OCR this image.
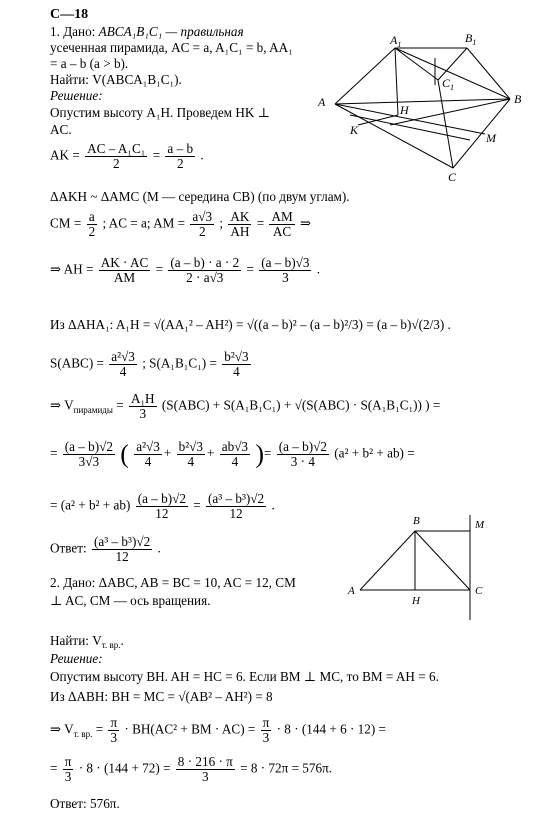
С—18
1. Дано: ABCA₁B₁C₁ — правильная
усеченная пирамида, AC = a, A₁C₁ = b, AA₁
= a – b (a > b).
Найти: V(ABCA₁B₁C₁).
Решение:
Опустим высоту A₁H. Проведем HK ⊥
AC.
AK = $\frac{\text{AC – A₁C₁}}{2} = \frac{a - b}{2}$ .
ΔAKH ~ ΔAMC (M — середина CB) (по двум углам).
CM = $\frac{a}{2}$ ; AC = a; AM = $\frac{a√3}{2}$ ; $\frac{AK}{AH} = \frac{AM}{AC}$ ⇒
⇒ AH = $\frac{AK \cdot AC}{AM} = \frac{(a - b) \cdot a \cdot 2}{2 \cdot a√3} = \frac{(a - b)√3}{3}$ .
Из ΔAHA₁: A₁H = √(AA₁² – AH²) = √((a – b)² – (a – b)²/3) = (a – b)√(2/3) .
$S(ABC) = \frac{\text{a²√3}}{4}$ ; $S(A_1B_1C_1) = \frac{\text{b²√3}}{4}$
⇒ $V_{пирамиды} = \frac{\text{A₁H}}{3} (S(ABC) + S(A_1B_1C_1) + √(S(ABC) \cdot S(A_1B_1C_1))$ ) =
= $\frac{(a - b)√2}{3√3}$ ( $\frac{\text{a²√3}}{4} + \frac{\text{b²√3}}{4} + \frac{ab√3}{4}$ )= $\frac{(a - b)√2}{3 \cdot 4} (a^2 + b^2 + ab)$ =
= $(a^2 + b^2 + ab) \frac{(a - b)√2}{12} = \frac{\text{(a³ – b³)√2}}{12}$ .
Ответ: $\frac{\text{(a³ – b³)√2}}{12}$ .
2. Дано: ΔABC, AB = BC = 10, AC = 12, CM
⊥ AC, CM — ось вращения.
Найти: $V_{т. вр.}$.
Решение:
Опустим высоту BH. AH = HC = 6. Если BM ⊥ MC, то BM = AH = 6.
Из ΔABH: BH = MC = √(AB² – AH²) = 8
⇒ $V_{т. вр.} = \frac{\pi}{3} \cdot BH(AC^2$ + BM · $AC) = \frac{\pi}{3} \cdot 8 \cdot (144 + 6 \cdot 12)$ =
= $\frac{\pi}{3} \cdot 8 \cdot (144 + 72) = \frac{8 \cdot 216 \cdot \pi}{3} = 8 \cdot 72\pi = 576\pi$.
Ответ: 576π.
$A_1$	$B_1$
$C_1$
A	B
C
H
K
M
B	M
A
H
C
